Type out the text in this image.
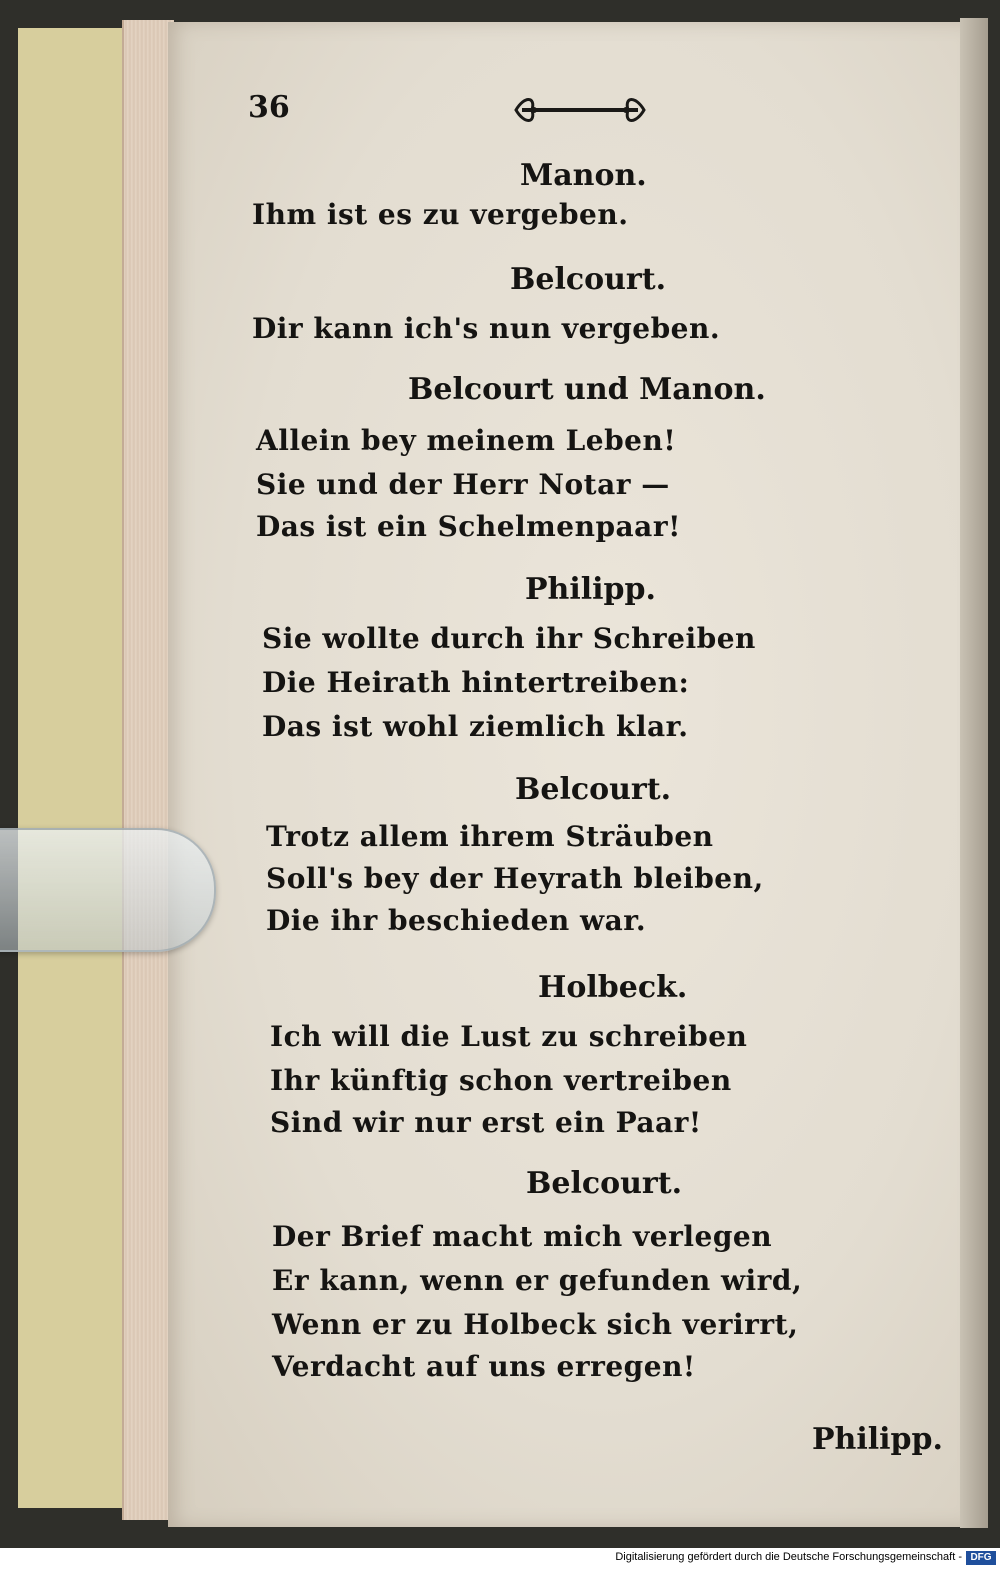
36
Manon.
Ihm ist es zu vergeben.
Belcourt.
Dir kann ich's nun vergeben.
Belcourt und Manon.
Allein bey meinem Leben!
Sie und der Herr Notar —
Das ist ein Schelmenpaar!
Philipp.
Sie wollte durch ihr Schreiben
Die Heirath hintertreiben:
Das ist wohl ziemlich klar.
Belcourt.
Trotz allem ihrem Sträuben
Soll's bey der Heyrath bleiben,
Die ihr beschieden war.
Holbeck.
Ich will die Lust zu schreiben
Ihr künftig schon vertreiben
Sind wir nur erst ein Paar!
Belcourt.
Der Brief macht mich verlegen
Er kann, wenn er gefunden wird,
Wenn er zu Holbeck sich verirrt,
Verdacht auf uns erregen!
Philipp.
Digitalisierung gefördert durch die Deutsche Forschungsgemeinschaft - DFG
